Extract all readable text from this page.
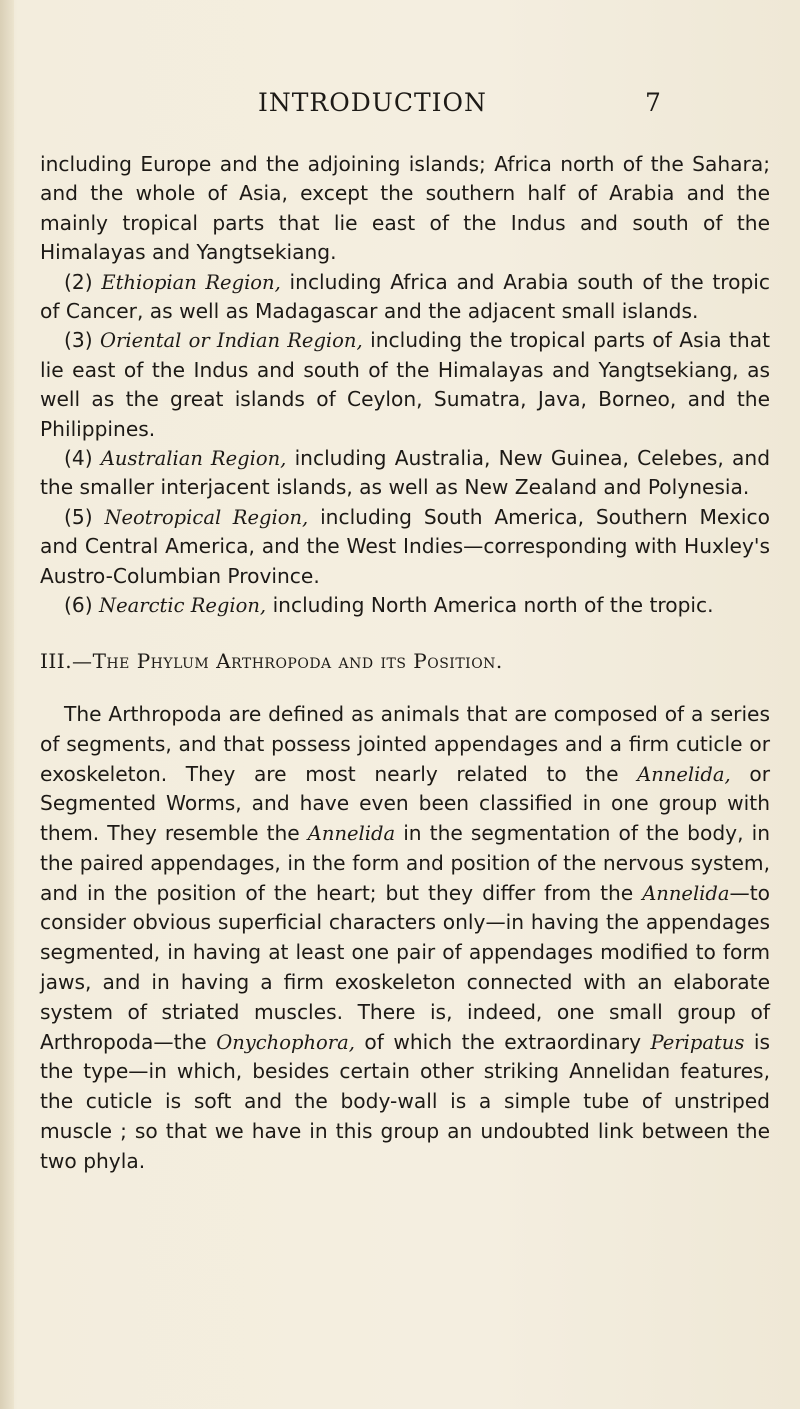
INTRODUCTION	7

including Europe and the adjoining islands; Africa north of the Sahara; and the whole of Asia, except the southern half of Arabia and the mainly tropical parts that lie east of the Indus and south of the Himalayas and Yangtsekiang.

(2) Ethiopian Region, including Africa and Arabia south of the tropic of Cancer, as well as Madagascar and the adjacent small islands.

(3) Oriental or Indian Region, including the tropical parts of Asia that lie east of the Indus and south of the Himalayas and Yangtsekiang, as well as the great islands of Ceylon, Sumatra, Java, Borneo, and the Philippines.

(4) Australian Region, including Australia, New Guinea, Celebes, and the smaller interjacent islands, as well as New Zealand and Polynesia.

(5) Neotropical Region, including South America, Southern Mexico and Central America, and the West Indies—corresponding with Huxley's Austro-Columbian Province.

(6) Nearctic Region, including North America north of the tropic.

III.—The Phylum Arthropoda and its Position.

The Arthropoda are defined as animals that are composed of a series of segments, and that possess jointed appendages and a firm cuticle or exoskeleton. They are most nearly related to the Annelida, or Segmented Worms, and have even been classified in one group with them. They resemble the Annelida in the segmentation of the body, in the paired appendages, in the form and position of the nervous system, and in the position of the heart; but they differ from the Annelida—to consider obvious superficial characters only—in having the appendages segmented, in having at least one pair of appendages modified to form jaws, and in having a firm exoskeleton connected with an elaborate system of striated muscles. There is, indeed, one small group of Arthropoda—the Onychophora, of which the extraordinary Peripatus is the type—in which, besides certain other striking Annelidan features, the cuticle is soft and the body-wall is a simple tube of unstriped muscle ; so that we have in this group an undoubted link between the two phyla.
